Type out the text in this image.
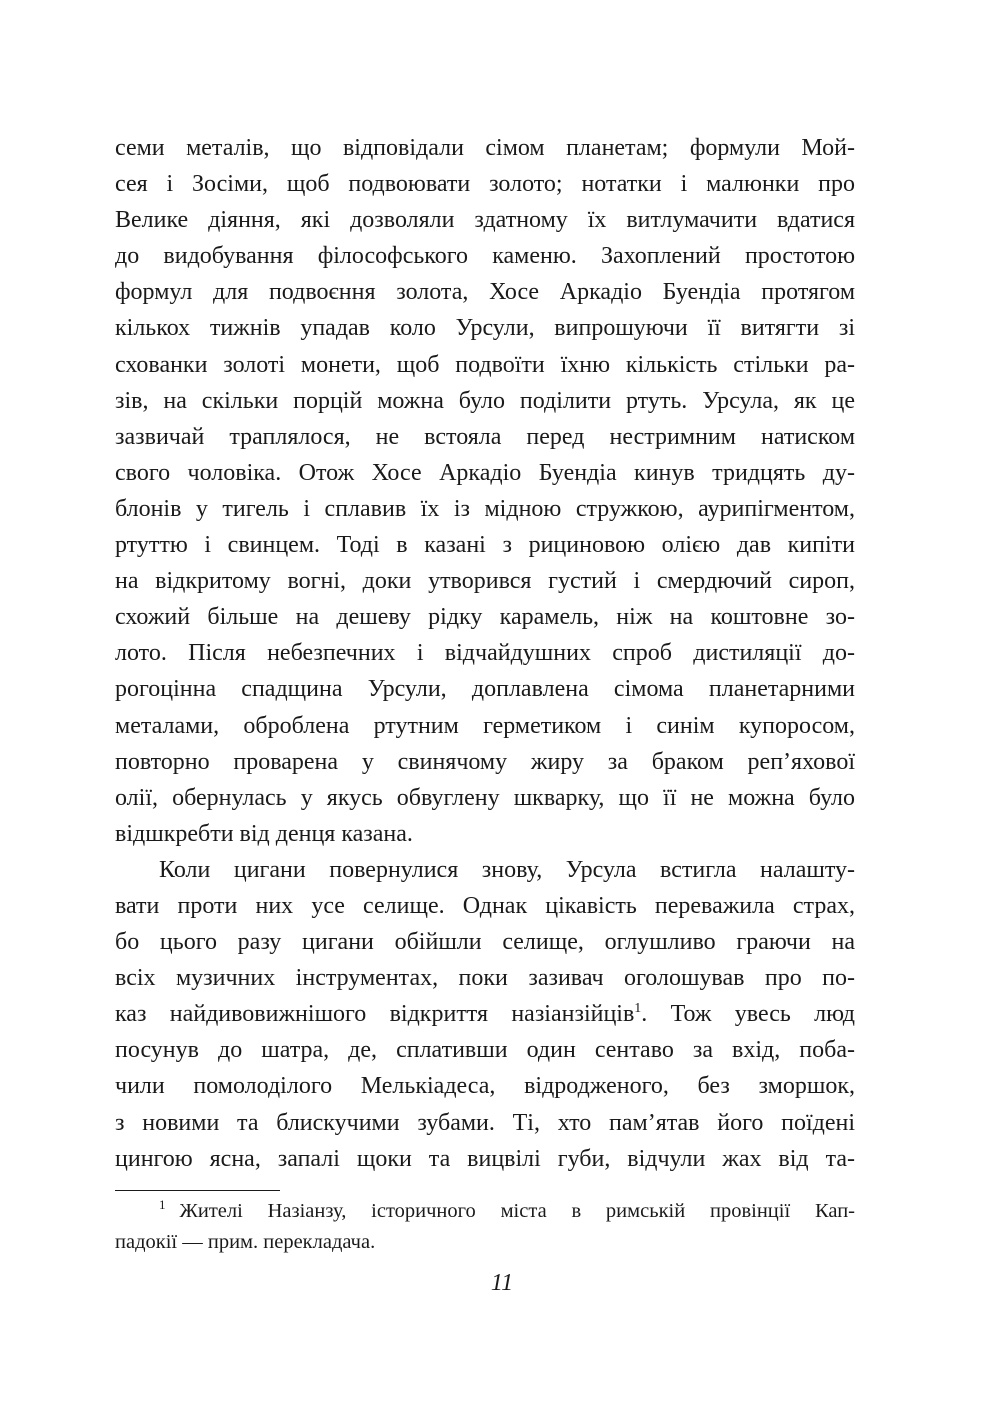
семи металів, що відповідали сімом планетам; формули Мой-
сея і Зосіми, щоб подвоювати золото; нотатки і малюнки про
Велике діяння, які дозволяли здатному їх витлумачити вдатися
до видобування філософського каменю. Захоплений простотою
формул для подвоєння золота, Хосе Аркадіо Буендіа протягом
кількох тижнів упадав коло Урсули, випрошуючи її витягти зі
схованки золоті монети, щоб подвоїти їхню кількість стільки ра-
зів, на скільки порцій можна було поділити ртуть. Урсула, як це
зазвичай траплялося, не встояла перед нестримним натиском
свого чоловіка. Отож Хосе Аркадіо Буендіа кинув тридцять ду-
блонів у тигель і сплавив їх із мідною стружкою, аурипігментом,
ртуттю і свинцем. Тоді в казані з рициновою олією дав кипіти
на відкритому вогні, доки утворився густий і смердючий сироп,
схожий більше на дешеву рідку карамель, ніж на коштовне зо-
лото. Після небезпечних і відчайдушних спроб дистиляції до-
рогоцінна спадщина Урсули, доплавлена сімома планетарними
металами, оброблена ртутним герметиком і синім купоросом,
повторно проварена у свинячому жиру за браком реп’яхової
олії, обернулась у якусь обвуглену шкварку, що її не можна було
відшкребти від денця казана.
Коли цигани повернулися знову, Урсула встигла налашту-
вати проти них усе селище. Однак цікавість переважила страх,
бо цього разу цигани обійшли селище, оглушливо граючи на
всіх музичних інструментах, поки зазивач оголошував про по-
каз найдивовижнішого відкриття назіанзійців$^1$. Тож увесь люд
посунув до шатра, де, сплативши один сентаво за вхід, поба-
чили помолоділого Мелькіадеса, відродженого, без зморшок,
з новими та блискучими зубами. Ті, хто пам’ятав його поїдені
цингою ясна, запалі щоки та вицвілі губи, відчули жах від та-
$^1$ Жителі Назіанзу, історичного міста в римській провінції Кап-
падокії — прим. перекладача.
11
